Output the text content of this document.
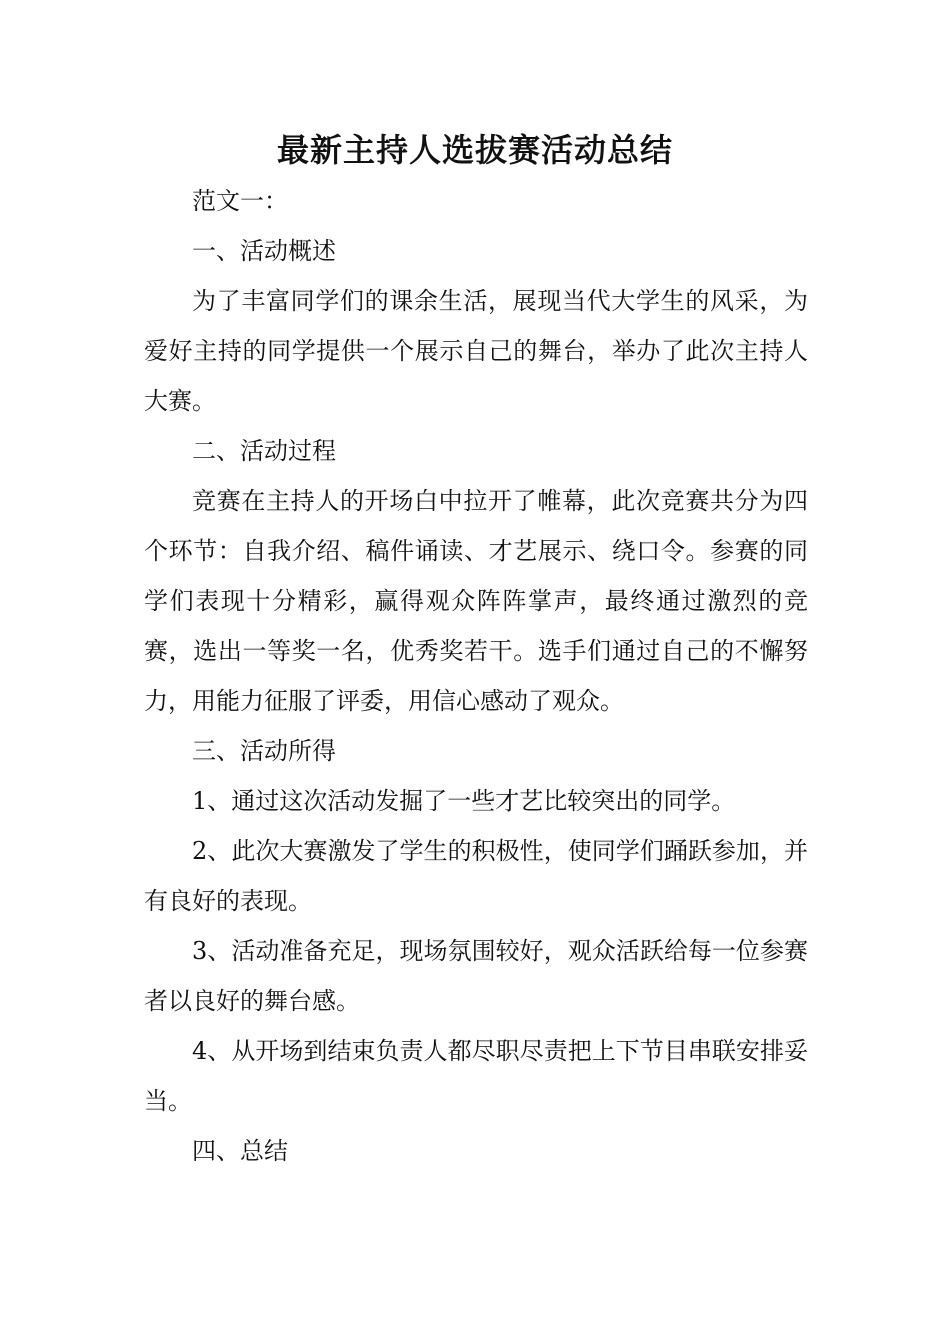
最新主持人选拔赛活动总结

范文一：

一、活动概述

为了丰富同学们的课余生活，展现当代大学生的风采，为爱好主持的同学提供一个展示自己的舞台，举办了此次主持人大赛。

二、活动过程

竞赛在主持人的开场白中拉开了帷幕，此次竞赛共分为四个环节：自我介绍、稿件诵读、才艺展示、绕口令。参赛的同学们表现十分精彩，赢得观众阵阵掌声，最终通过激烈的竞赛，选出一等奖一名，优秀奖若干。选手们通过自己的不懈努力，用能力征服了评委，用信心感动了观众。

三、活动所得

1、通过这次活动发掘了一些才艺比较突出的同学。

2、此次大赛激发了学生的积极性，使同学们踊跃参加，并有良好的表现。

3、活动准备充足，现场氛围较好，观众活跃给每一位参赛者以良好的舞台感。

4、从开场到结束负责人都尽职尽责把上下节目串联安排妥当。

四、总结
